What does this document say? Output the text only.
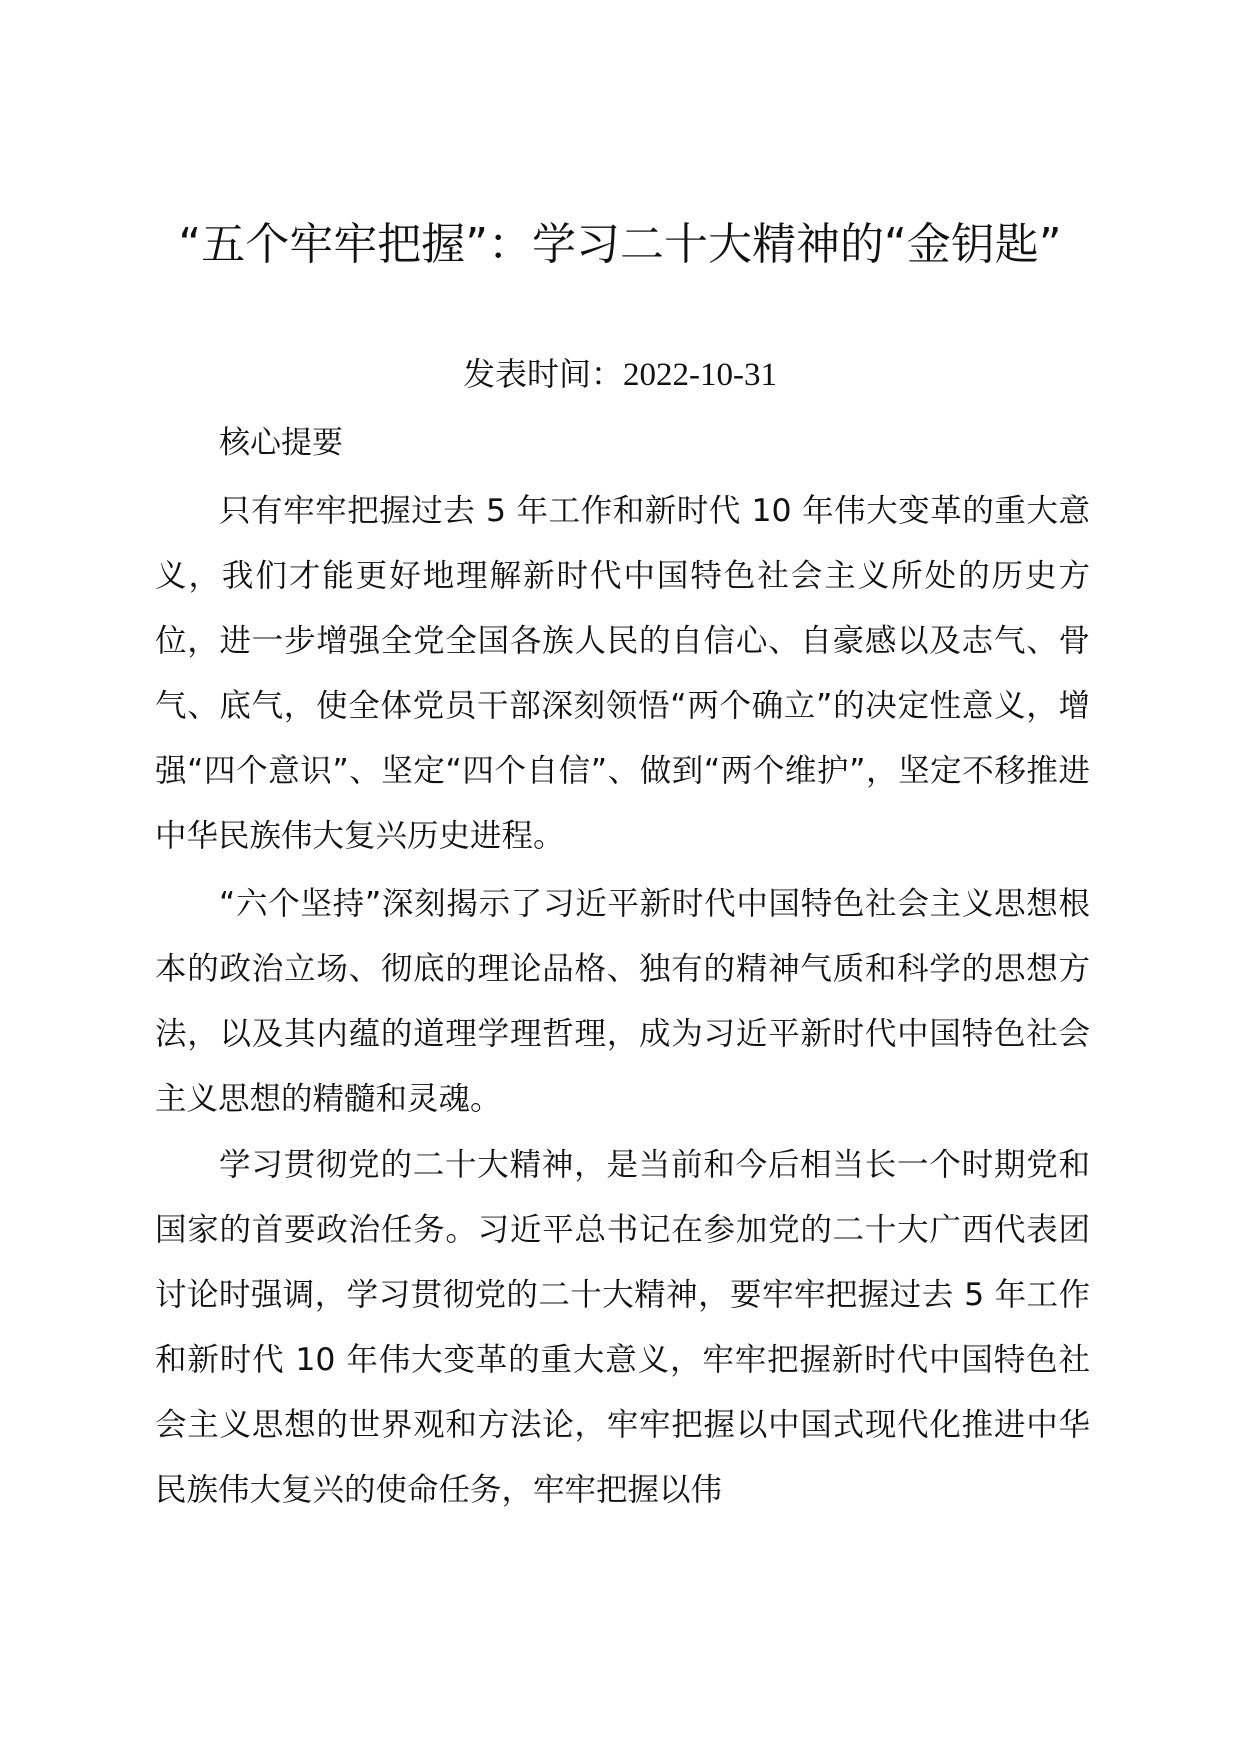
“五个牢牢把握”：学习二十大精神的“金钥匙”
发表时间：2022-10-31
核心提要

只有牢牢把握过去 5 年工作和新时代 10 年伟大变革的重大意义，我们才能更好地理解新时代中国特色社会主义所处的历史方位，进一步增强全党全国各族人民的自信心、自豪感以及志气、骨气、底气，使全体党员干部深刻领悟“两个确立”的决定性意义，增强“四个意识”、坚定“四个自信”、做到“两个维护”，坚定不移推进中华民族伟大复兴历史进程。

“六个坚持”深刻揭示了习近平新时代中国特色社会主义思想根本的政治立场、彻底的理论品格、独有的精神气质和科学的思想方法，以及其内蕴的道理学理哲理，成为习近平新时代中国特色社会主义思想的精髓和灵魂。

学习贯彻党的二十大精神，是当前和今后相当长一个时期党和国家的首要政治任务。习近平总书记在参加党的二十大广西代表团讨论时强调，学习贯彻党的二十大精神，要牢牢把握过去 5 年工作和新时代 10 年伟大变革的重大意义，牢牢把握新时代中国特色社会主义思想的世界观和方法论，牢牢把握以中国式现代化推进中华民族伟大复兴的使命任务，牢牢把握以伟
